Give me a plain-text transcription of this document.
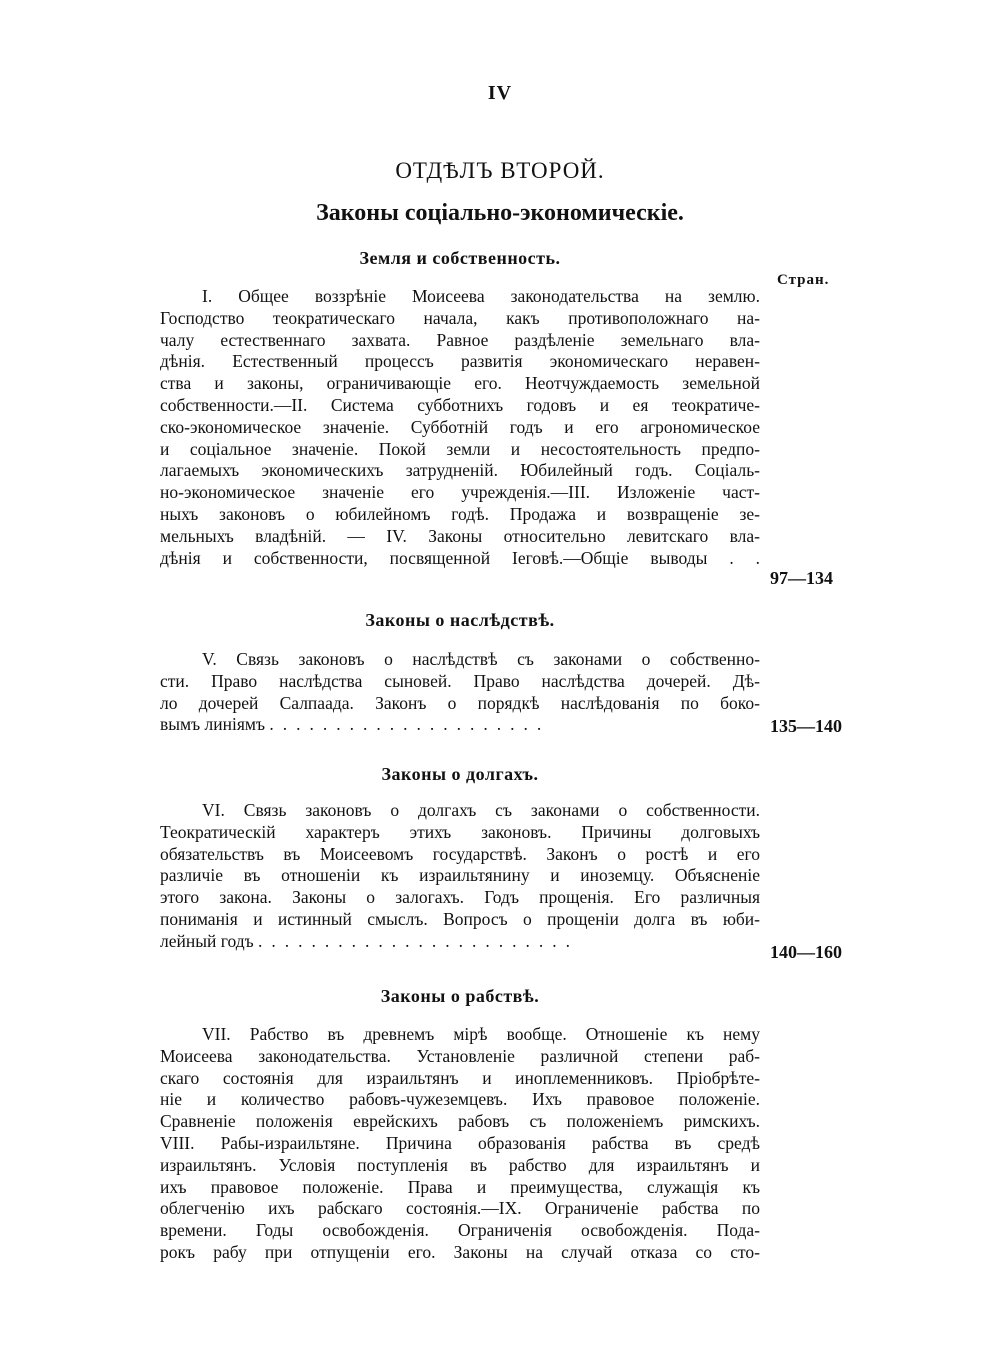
IV
ОТДѢЛЪ ВТОРОЙ.
Законы соціально-экономическіе.
Стран.
Земля и собственность.
I. Общее воззрѣніе Моисеева законодательства на землю.
Господство теократическаго начала, какъ противоположнаго на-
чалу естественнаго захвата. Равное раздѣленіе земельнаго вла-
дѣнія. Естественный процессъ развитія экономическаго неравен-
ства и законы, ограничивающіе его. Неотчуждаемость земельной
собственности.—II. Система субботнихъ годовъ и ея теократиче-
ско-экономическое значеніе. Субботній годъ и его агрономическое
и соціальное значеніе. Покой земли и несостоятельность предпо-
лагаемыхъ экономическихъ затрудненій. Юбилейный годъ. Соціаль-
но-экономическое значеніе его учрежденія.—III. Изложеніе част-
ныхъ законовъ о юбилейномъ годѣ. Продажа и возвращеніе зе-
мельныхъ владѣній. — IV. Законы относительно левитскаго вла-
дѣнія и собственности, посвященной Іеговѣ.—Общіе выводы . .
97—134
Законы о наслѣдствѣ.
V. Связь законовъ о наслѣдствѣ съ законами о собственно-
сти. Право наслѣдства сыновей. Право наслѣдства дочерей. Дѣ-
ло дочерей Салпаада. Законъ о порядкѣ наслѣдованія по боко-
вымъ линіямъ .....................	135—140
Законы о долгахъ.
VI. Связь законовъ о долгахъ съ законами о собственности.
Теократическій характеръ этихъ законовъ. Причины долговыхъ
обязательствъ въ Моисеевомъ государствѣ. Законъ о ростѣ и его
различіе въ отношеніи къ израильтянину и иноземцу. Объясненіе
этого закона. Законы о залогахъ. Годъ прощенія. Его различныя
пониманія и истинный смыслъ. Вопросъ о прощеніи долга въ юби-
лейный годъ ........................
140—160
Законы о рабствѣ.
VII. Рабство въ древнемъ мірѣ вообще. Отношеніе къ нему
Моисеева законодательства. Установленіе различной степени раб-
скаго состоянія для израильтянъ и иноплеменниковъ. Пріобрѣте-
ніе и количество рабовъ-чужеземцевъ. Ихъ правовое положеніе.
Сравненіе положенія еврейскихъ рабовъ съ положеніемъ римскихъ.
VIII. Рабы-израильтяне. Причина образованія рабства въ средѣ
израильтянъ. Условія поступленія въ рабство для израильтянъ и
ихъ правовое положеніе. Права и преимущества, служащія къ
облегченію ихъ рабскаго состоянія.—IX. Ограниченіе рабства по
времени. Годы освобожденія. Ограниченія освобожденія. Пода-
рокъ рабу при отпущеніи его. Законы на случай отказа со сто-
